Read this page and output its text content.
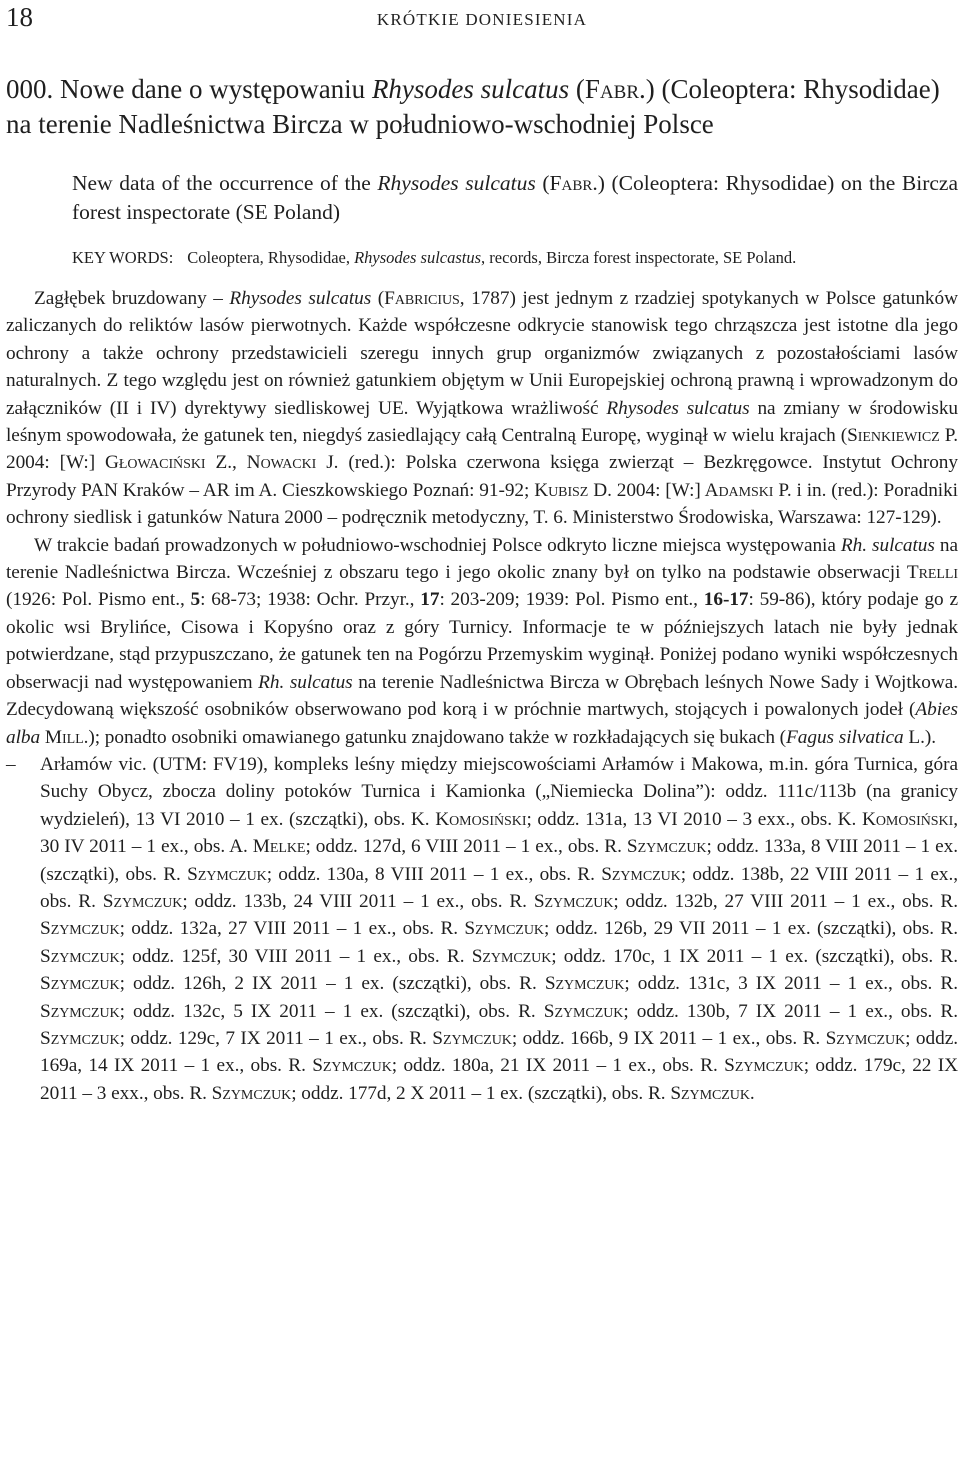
18	KRÓTKIE DONIESIENIA
000. Nowe dane o występowaniu Rhysodes sulcatus (Fabr.) (Coleoptera: Rhysodidae) na terenie Nadleśnictwa Bircza w południowo-wschodniej Polsce
New data of the occurrence of the Rhysodes sulcatus (Fabr.) (Coleoptera: Rhysodidae) on the Bircza forest inspectorate (SE Poland)
KEY WORDS: Coleoptera, Rhysodidae, Rhysodes sulcastus, records, Bircza forest inspectorate, SE Poland.

Zagłębek bruzdowany – Rhysodes sulcatus (Fabricius, 1787) jest jednym z rzadziej spotykanych w Polsce gatunków zaliczanych do reliktów lasów pierwotnych. Każde współczesne odkrycie stanowisk tego chrząszcza jest istotne dla jego ochrony a także ochrony przedstawicieli szeregu innych grup organizmów związanych z pozostałościami lasów naturalnych. Z tego względu jest on również gatunkiem objętym w Unii Europejskiej ochroną prawną i wprowadzonym do załączników (II i IV) dyrektywy siedliskowej UE. Wyjątkowa wrażliwość Rhysodes sulcatus na zmiany w środowisku leśnym spowodowała, że gatunek ten, niegdyś zasiedlający całą Centralną Europę, wyginął w wielu krajach (Sienkiewicz P. 2004: [W:] Głowaciński Z., Nowacki J. (red.): Polska czerwona księga zwierząt – Bezkręgowce. Instytut Ochrony Przyrody PAN Kraków – AR im A. Cieszkowskiego Poznań: 91-92; Kubisz D. 2004: [W:] Adamski P. i in. (red.): Poradniki ochrony siedlisk i gatunków Natura 2000 – podręcznik metodyczny, T. 6. Ministerstwo Środowiska, Warszawa: 127-129).

W trakcie badań prowadzonych w południowo-wschodniej Polsce odkryto liczne miejsca występowania Rh. sulcatus na terenie Nadleśnictwa Bircza. Wcześniej z obszaru tego i jego okolic znany był on tylko na podstawie obserwacji Trelli (1926: Pol. Pismo ent., 5: 68-73; 1938: Ochr. Przyr., 17: 203-209; 1939: Pol. Pismo ent., 16-17: 59-86), który podaje go z okolic wsi Brylińce, Cisowa i Kopyśno oraz z góry Turnicy. Informacje te w późniejszych latach nie były jednak potwierdzane, stąd przypuszczano, że gatunek ten na Pogórzu Przemyskim wyginął. Poniżej podano wyniki współczesnych obserwacji nad występowaniem Rh. sulcatus na terenie Nadleśnictwa Bircza w Obrębach leśnych Nowe Sady i Wojtkowa. Zdecydowaną większość osobników obserwowano pod korą i w próchnie martwych, stojących i powalonych jodeł (Abies alba Mill.); ponadto osobniki omawianego gatunku znajdowano także w rozkładających się bukach (Fagus silvatica L.).

– Arłamów vic. (UTM: FV19), kompleks leśny między miejscowościami Arłamów i Makowa, m.in. góra Turnica, góra Suchy Obycz, zbocza doliny potoków Turnica i Kamionka („Niemiecka Dolina”): oddz. 111c/113b (na granicy wydzieleń), 13 VI 2010 – 1 ex. (szczątki), obs. K. Komosiński; oddz. 131a, 13 VI 2010 – 3 exx., obs. K. Komosiński, 30 IV 2011 – 1 ex., obs. A. Melke; oddz. 127d, 6 VIII 2011 – 1 ex., obs. R. Szymczuk; oddz. 133a, 8 VIII 2011 – 1 ex. (szczątki), obs. R. Szymczuk; oddz. 130a, 8 VIII 2011 – 1 ex., obs. R. Szymczuk; oddz. 138b, 22 VIII 2011 – 1 ex., obs. R. Szymczuk; oddz. 133b, 24 VIII 2011 – 1 ex., obs. R. Szymczuk; oddz. 132b, 27 VIII 2011 – 1 ex., obs. R. Szymczuk; oddz. 132a, 27 VIII 2011 – 1 ex., obs. R. Szymczuk; oddz. 126b, 29 VII 2011 – 1 ex. (szczątki), obs. R. Szymczuk; oddz. 125f, 30 VIII 2011 – 1 ex., obs. R. Szymczuk; oddz. 170c, 1 IX 2011 – 1 ex. (szczątki), obs. R. Szymczuk; oddz. 126h, 2 IX 2011 – 1 ex. (szczątki), obs. R. Szymczuk; oddz. 131c, 3 IX 2011 – 1 ex., obs. R. Szymczuk; oddz. 132c, 5 IX 2011 – 1 ex. (szczątki), obs. R. Szymczuk; oddz. 130b, 7 IX 2011 – 1 ex., obs. R. Szymczuk; oddz. 129c, 7 IX 2011 – 1 ex., obs. R. Szymczuk; oddz. 166b, 9 IX 2011 – 1 ex., obs. R. Szymczuk; oddz. 169a, 14 IX 2011 – 1 ex., obs. R. Szymczuk; oddz. 180a, 21 IX 2011 – 1 ex., obs. R. Szymczuk; oddz. 179c, 22 IX 2011 – 3 exx., obs. R. Szymczuk; oddz. 177d, 2 X 2011 – 1 ex. (szczątki), obs. R. Szymczuk.
